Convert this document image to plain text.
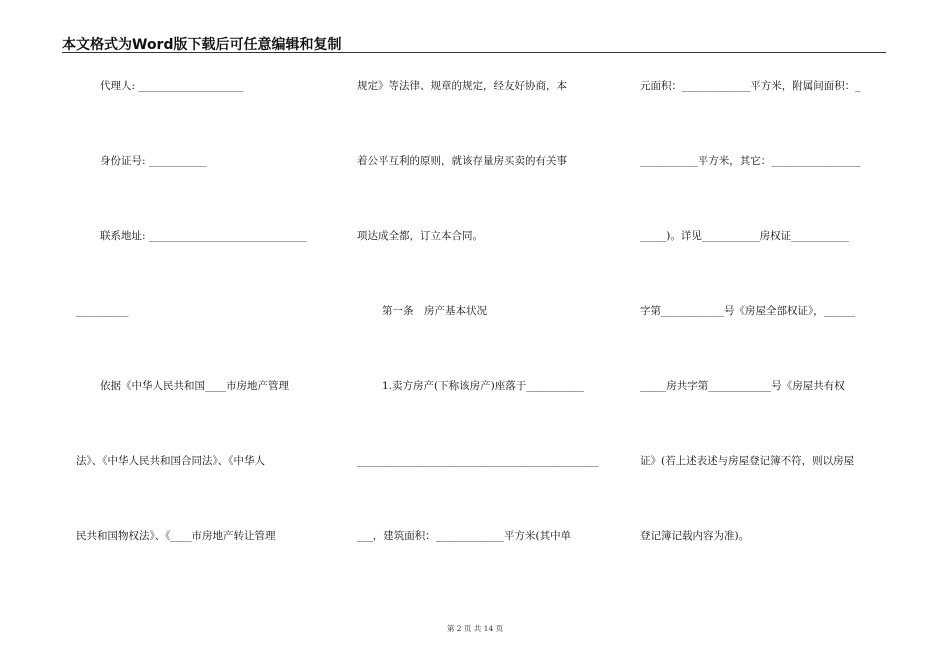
本文格式为Word版下载后可任意编辑和复制
代理人: ____________________
身份证号: ___________
联系地址: ______________________________
__________
依据《中华人民共和国____市房地产管理
法》、《中华人民共和国合同法》、《中华人
民共和国物权法》、《____市房地产转让管理
规定》等法律、规章的规定，经友好协商，本
着公平互利的原则，就该存量房买卖的有关事
项达成全都，订立本合同。
第一条　房产基本状况
1.卖方房产(下称该房产)座落于___________
______________________________________________
___，建筑面积：_____________平方米(其中单
元面积：_____________平方米，附属间面积：_
___________平方米，其它：_________________
_____)。详见___________房权证___________
字第____________号《房屋全部权证》，______
_____房共字第____________号《房屋共有权
证》(若上述表述与房屋登记簿不符，则以房屋
登记簿记载内容为准)。
第 2 页 共 14 页
